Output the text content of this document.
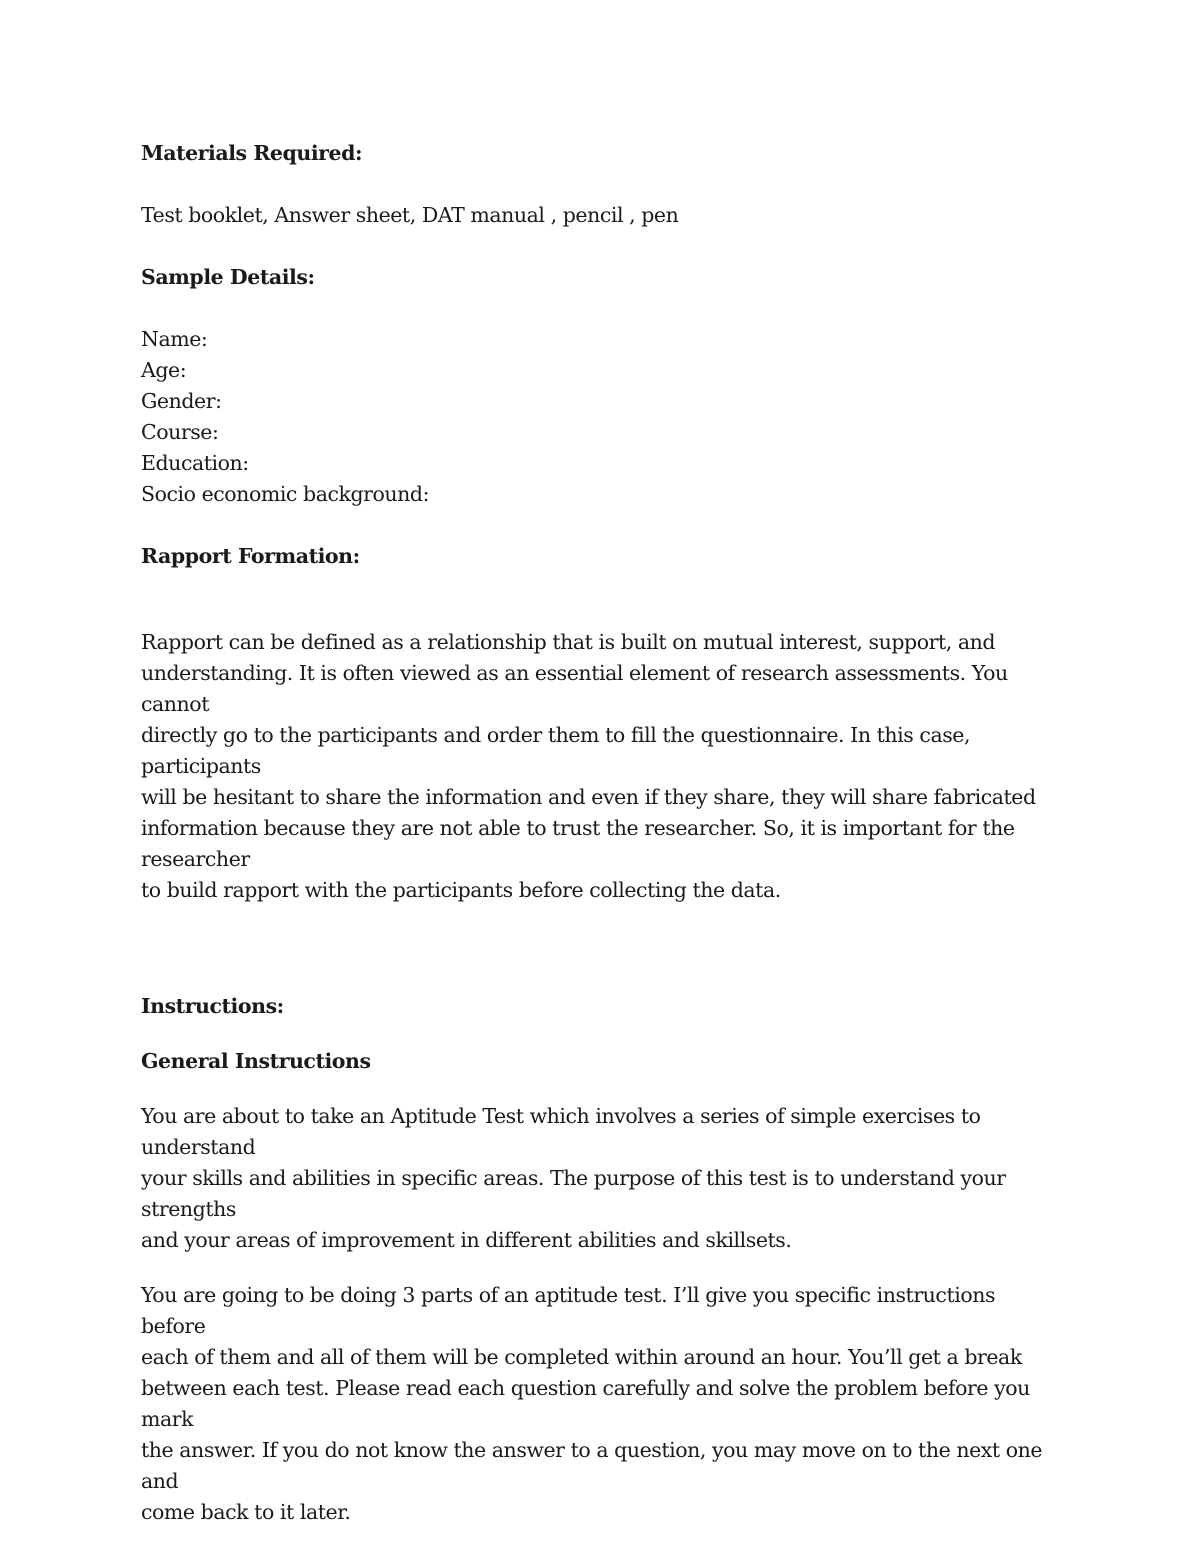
Materials Required:

Test booklet, Answer sheet, DAT manual , pencil , pen

Sample Details:

Name:

Age:

Gender:

Course:

Education:

Socio economic background:

Rapport Formation:

Rapport can be defined as a relationship that is built on mutual interest, support, and

understanding. It is often viewed as an essential element of research assessments. You cannot

directly go to the participants and order them to fill the questionnaire. In this case, participants

will be hesitant to share the information and even if they share, they will share fabricated

information because they are not able to trust the researcher. So, it is important for the researcher

to build rapport with the participants before collecting the data.

Instructions:

General Instructions

You are about to take an Aptitude Test which involves a series of simple exercises to understand

your skills and abilities in specific areas. The purpose of this test is to understand your strengths

and your areas of improvement in different abilities and skillsets.

You are going to be doing 3 parts of an aptitude test. I’ll give you specific instructions before

each of them and all of them will be completed within around an hour. You’ll get a break

between each test. Please read each question carefully and solve the problem before you mark

the answer. If you do not know the answer to a question, you may move on to the next one and

come back to it later.
